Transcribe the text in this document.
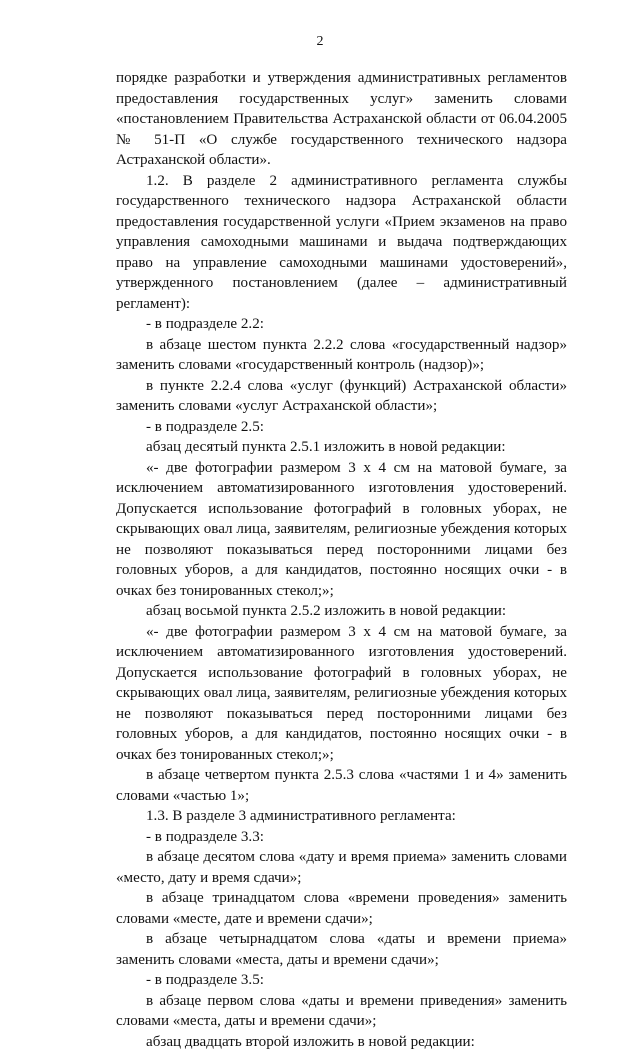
2

порядке разработки и утверждения административных регламентов предоставления государственных услуг» заменить словами «постановлением Правительства Астраханской области от 06.04.2005 № 51-П «О службе государственного технического надзора Астраханской области».

1.2. В разделе 2 административного регламента службы государственного технического надзора Астраханской области предоставления государственной услуги «Прием экзаменов на право управления самоходными машинами и выдача подтверждающих право на управление самоходными машинами удостоверений», утвержденного постановлением (далее – административный регламент):

- в подразделе 2.2:

в абзаце шестом пункта 2.2.2 слова «государственный надзор» заменить словами «государственный контроль (надзор)»;

в пункте 2.2.4 слова «услуг (функций) Астраханской области» заменить словами «услуг Астраханской области»;

- в подразделе 2.5:

абзац десятый пункта 2.5.1 изложить в новой редакции:

«- две фотографии размером 3 х 4 см на матовой бумаге, за исключением автоматизированного изготовления удостоверений. Допускается использование фотографий в головных уборах, не скрывающих овал лица, заявителям, религиозные убеждения которых не позволяют показываться перед посторонними лицами без головных уборов, а для кандидатов, постоянно носящих очки - в очках без тонированных стекол;»;

абзац восьмой пункта 2.5.2 изложить в новой редакции:

«- две фотографии размером 3 х 4 см на матовой бумаге, за исключением автоматизированного изготовления удостоверений. Допускается использование фотографий в головных уборах, не скрывающих овал лица, заявителям, религиозные убеждения которых не позволяют показываться перед посторонними лицами без головных уборов, а для кандидатов, постоянно носящих очки - в очках без тонированных стекол;»;

в абзаце четвертом пункта 2.5.3 слова «частями 1 и 4» заменить словами «частью 1»;

1.3. В разделе 3 административного регламента:

- в подразделе 3.3:

в абзаце десятом слова «дату и время приема» заменить словами «место, дату и время сдачи»;

в абзаце тринадцатом слова «времени проведения» заменить словами «месте, дате и времени сдачи»;

в абзаце четырнадцатом слова «даты и времени приема» заменить словами «места, даты и времени сдачи»;

- в подразделе 3.5:

в абзаце первом слова «даты и времени приведения» заменить словами «места, даты и времени сдачи»;

абзац двадцать второй изложить в новой редакции:
